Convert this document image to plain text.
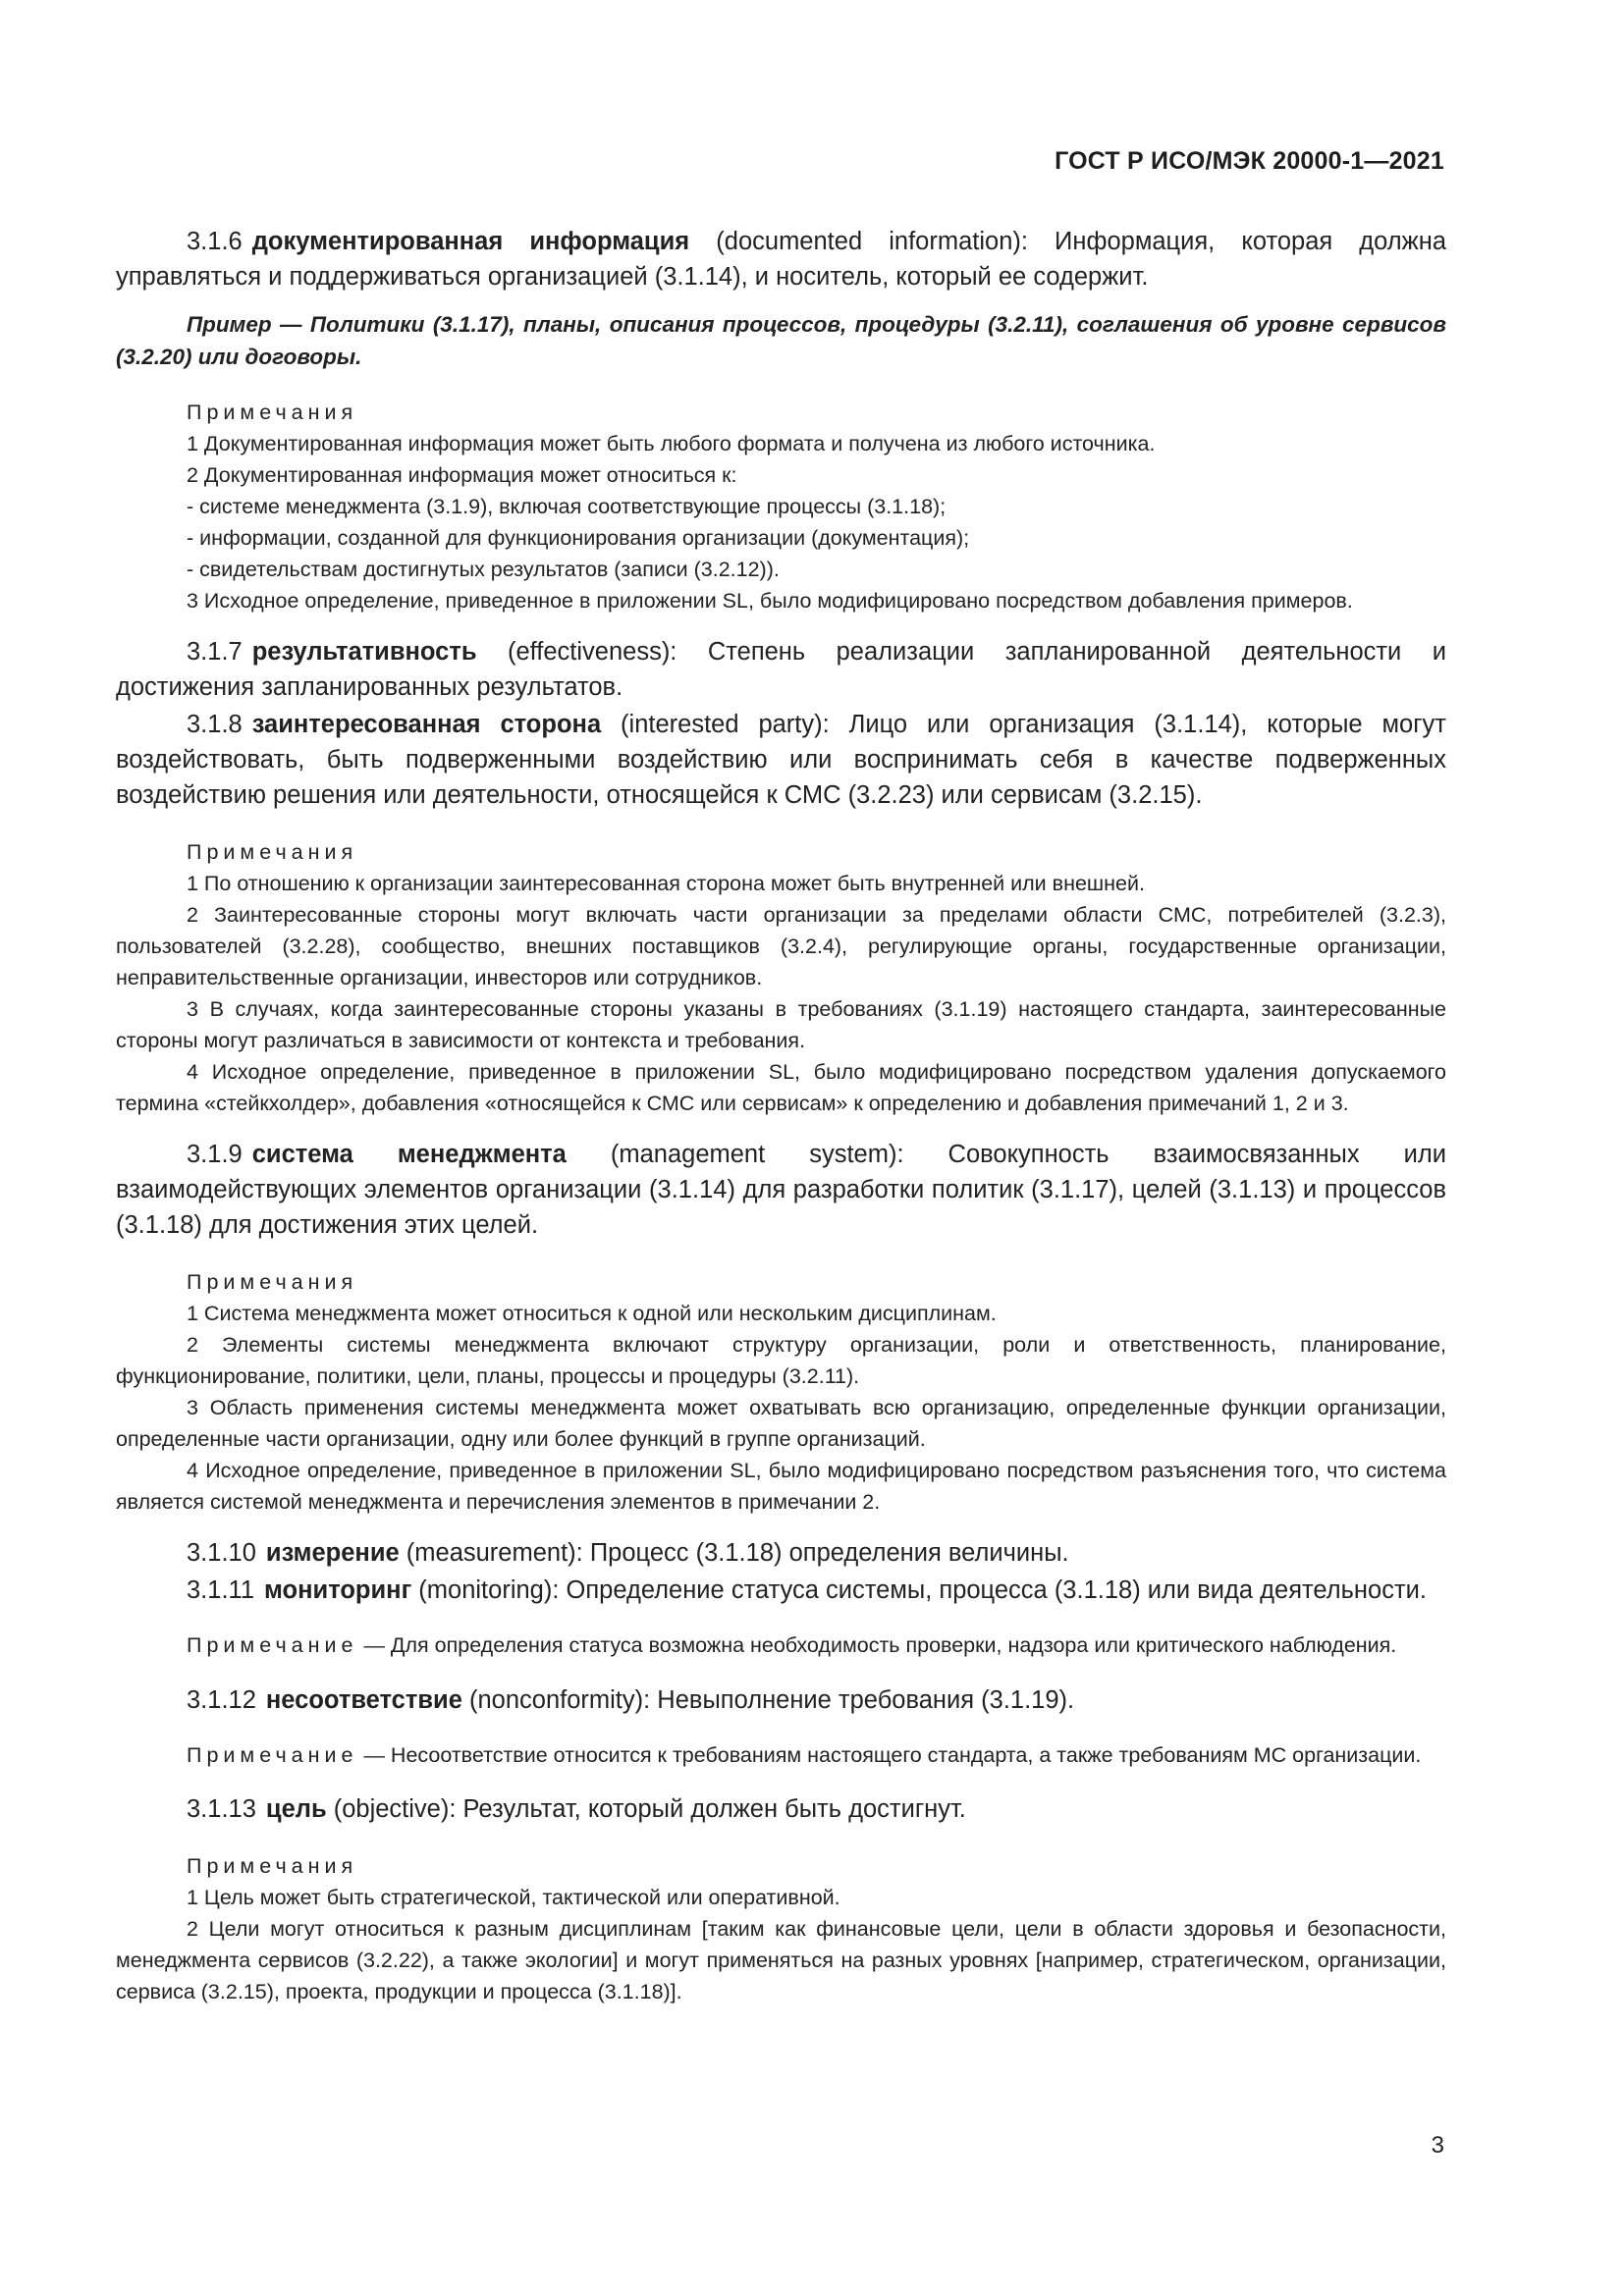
ГОСТ Р ИСО/МЭК 20000-1—2021

3.1.6 документированная информация (documented information): Информация, которая должна управляться и поддерживаться организацией (3.1.14), и носитель, который ее содержит.

Пример — Политики (3.1.17), планы, описания процессов, процедуры (3.2.11), соглашения об уровне сервисов (3.2.20) или договоры.

Примечания

1 Документированная информация может быть любого формата и получена из любого источника.

2 Документированная информация может относиться к:

- системе менеджмента (3.1.9), включая соответствующие процессы (3.1.18);

- информации, созданной для функционирования организации (документация);

- свидетельствам достигнутых результатов (записи (3.2.12)).

3 Исходное определение, приведенное в приложении SL, было модифицировано посредством добавления примеров.

3.1.7 результативность (effectiveness): Степень реализации запланированной деятельности и достижения запланированных результатов.

3.1.8 заинтересованная сторона (interested party): Лицо или организация (3.1.14), которые могут воздействовать, быть подверженными воздействию или воспринимать себя в качестве подверженных воздействию решения или деятельности, относящейся к СМС (3.2.23) или сервисам (3.2.15).

Примечания

1 По отношению к организации заинтересованная сторона может быть внутренней или внешней.

2 Заинтересованные стороны могут включать части организации за пределами области СМС, потребителей (3.2.3), пользователей (3.2.28), сообщество, внешних поставщиков (3.2.4), регулирующие органы, государственные организации, неправительственные организации, инвесторов или сотрудников.

3 В случаях, когда заинтересованные стороны указаны в требованиях (3.1.19) настоящего стандарта, заинтересованные стороны могут различаться в зависимости от контекста и требования.

4 Исходное определение, приведенное в приложении SL, было модифицировано посредством удаления допускаемого термина «стейкхолдер», добавления «относящейся к СМС или сервисам» к определению и добавления примечаний 1, 2 и 3.

3.1.9 система менеджмента (management system): Совокупность взаимосвязанных или взаимодействующих элементов организации (3.1.14) для разработки политик (3.1.17), целей (3.1.13) и процессов (3.1.18) для достижения этих целей.

Примечания

1 Система менеджмента может относиться к одной или нескольким дисциплинам.

2 Элементы системы менеджмента включают структуру организации, роли и ответственность, планирование, функционирование, политики, цели, планы, процессы и процедуры (3.2.11).

3 Область применения системы менеджмента может охватывать всю организацию, определенные функции организации, определенные части организации, одну или более функций в группе организаций.

4 Исходное определение, приведенное в приложении SL, было модифицировано посредством разъяснения того, что система является системой менеджмента и перечисления элементов в примечании 2.

3.1.10 измерение (measurement): Процесс (3.1.18) определения величины.

3.1.11 мониторинг (monitoring): Определение статуса системы, процесса (3.1.18) или вида деятельности.

Примечание — Для определения статуса возможна необходимость проверки, надзора или критического наблюдения.

3.1.12 несоответствие (nonconformity): Невыполнение требования (3.1.19).

Примечание — Несоответствие относится к требованиям настоящего стандарта, а также требованиям МС организации.

3.1.13 цель (objective): Результат, который должен быть достигнут.

Примечания

1 Цель может быть стратегической, тактической или оперативной.

2 Цели могут относиться к разным дисциплинам [таким как финансовые цели, цели в области здоровья и безопасности, менеджмента сервисов (3.2.22), а также экологии] и могут применяться на разных уровнях [например, стратегическом, организации, сервиса (3.2.15), проекта, продукции и процесса (3.1.18)].

3
